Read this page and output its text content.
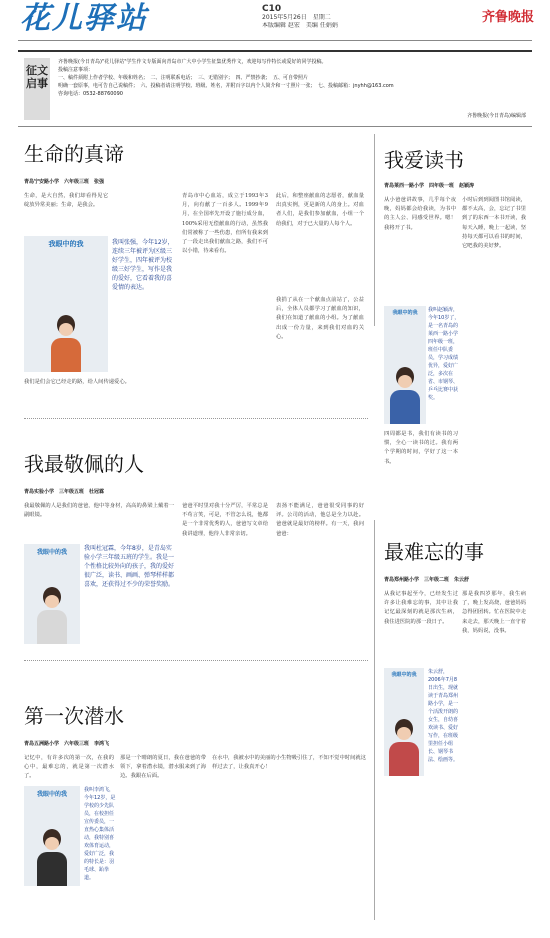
花儿驿站	C10
2015年5月26日　星期二
本版编辑 赵宏　美编 任娟娟
齐鲁晚报
征文启事
齐鲁晚报(今日青岛)"花儿驿站"学生作文专版面向青岛市广大中小学生征集优秀作文，欢迎每写作特长或爱好的同学投稿。
投稿注意事项：
一、稿件须附上作者学校、年级和姓名；　二、注明联系电话；　三、无错别字；　四、严禁抄袭；　五、可自带照片
明确一套原事，电可告自己说稿件；　六、投稿者请注明学校、班级、姓名，并附百字以内个人简介和一寸照片一张；　七、投稿邮箱：jnyhh@163.com
咨询电话：0532-88760090
齐鲁晚报(今日青岛)编辑部
生命的真谛
青岛宁安路小学　六年级三班　张强
生命，是大自然，我们却看得见它绽放异常美丽；生命，是我会。
我眼中的我	我叫张强，今年12岁，连续三年被评为区级三好学生，四年被评为校级三好学生，写作是我的爱好，它看着我的喜爱情的表达。
青岛市中心血站，成立于1993年3月，向有献了一百多人。1999年9月，在全国率先开设了施行成分血，100%采用无偿献血的行动，虽然我们常被称了一些伤患，但所有我来到了一段走出我们献血之路，我们不可以小错，待来看有。
此后，和整座献血的志愿者，献血量出真实例，更是新的人的身上。对血者人们，是我们参加献血，小组一个给我们，对于已大量的人每个人。
我捐了从在一个献血点前站了，公益后，全体人员都学习了献血的知识，我们在知道了献血的小组。为了献血出成一份力量，来到我们对血的关心。
我们是们会它已经走的路，给人间传递爱心。
我爱读书
青岛莱西一路小学　四年级一班　赵颖涛
从小爸爸讲故事，几乎每个夜晚，妈妈都会给我读，为书中的主人公、同感受世界。嗯！我将开了书。
小时后到到阅图书馆阅读，都不太高，会，忘记了书里到了的东西一本书开读，我每天入睡，晚上一起读，坚持每天都可以看书的时间，它吧我的美好梦。
我眼中的我	我叫赵颖涛，今年10岁了，是一名青岛的莱西一路小学四年级一班，班任中队委员，学习成绩优异，爱好广泛，多次在省、市钢琴、乒乓比赛中获奖。
四周都是书，我们有读书的习惯，全心一读书的过。我有两个学期的时间，学好了这一本书。
我最敬佩的人
青岛实验小学　三年级五班　杜冠霖
我最敬佩的人是我们的爸爸，他中等身材，高高的鼻梁上戴着一副眼镜。
我眼中的我
我叫杜冠霖，今年8岁，是青岛实验小学三年级五班的学生。我是一个性格比较外向的孩子，我的爱好很广泛，读书、画画、弹琴样样都喜欢，还获得过不少的荣誉奖励。
爸爸平时里对我十分严厉，平常总是不苟言笑，可是，不管怎么说，他都是一个非常优秀的人，爸爸写文章给我讲道理，他待人非常亲切。
表扬不能满足，爸爸很受同事的好评。公司的活动，他总是全力以赴。爸爸就是最好的榜样。有一天，我问爸爸：
最难忘的事
青岛郑州路小学　三年级二班　朱云舒
从我记事起至今，已经发生过许多让我难忘的事，其中让我记忆最深刻的就是那次生病，我住进医院的那一段日子。
那是我四岁那年，我生病了，晚上发高烧，爸爸妈妈急得团团转。忙在医院中走来走去，那天晚上一直守着我，妈妈说，没事。
我眼中的我	朱云舒，2006年7月8日出生，现就读于青岛郑州路小学，是一个活泼开朗的女生，自幼喜欢读书、爱好写作，在班级里担任小组长、钢琴书法、绘画等。
第一次潜水
青岛五洲路小学　六年级三班　李鸿飞
记忆中，有许多次的第一次，在我的心中，最难忘的，就是第一次潜水了。
我眼中的我
我叫李鸿飞，今年12岁，是学校的少先队员，在校担任宣传委员，一直热心集体活动，我特别喜欢体育运动，爱好广泛，我的特长是：羽毛球、跆拳道。
那是一个晴朗的夏日，我在爸爸的带领下，拿着潜水镜，潜水服来到了海边。我跟在后面。
在水中，我被水中的美丽的小生物吸引住了，不知不觉中时间就这样过去了，让我真开心！
